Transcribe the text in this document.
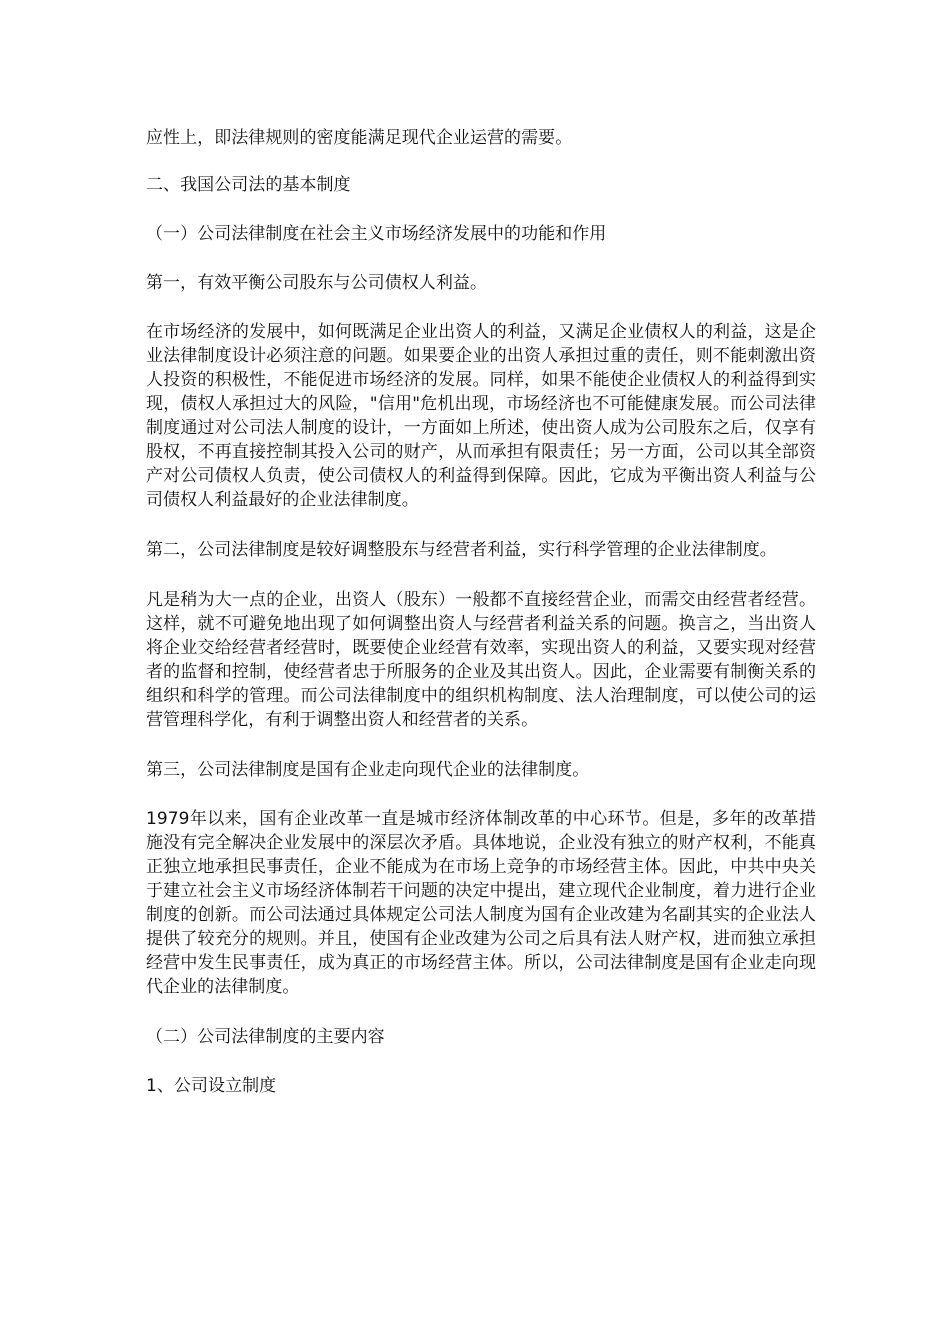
应性上，即法律规则的密度能满足现代企业运营的需要。

二、我国公司法的基本制度

（一）公司法律制度在社会主义市场经济发展中的功能和作用

第一，有效平衡公司股东与公司债权人利益。

在市场经济的发展中，如何既满足企业出资人的利益，又满足企业债权人的利益，这是企业法律制度设计必须注意的问题。如果要企业的出资人承担过重的责任，则不能刺激出资人投资的积极性，不能促进市场经济的发展。同样，如果不能使企业债权人的利益得到实现，债权人承担过大的风险，"信用"危机出现，市场经济也不可能健康发展。而公司法律制度通过对公司法人制度的设计，一方面如上所述，使出资人成为公司股东之后，仅享有股权，不再直接控制其投入公司的财产，从而承担有限责任；另一方面，公司以其全部资产对公司债权人负责，使公司债权人的利益得到保障。因此，它成为平衡出资人利益与公司债权人利益最好的企业法律制度。

第二，公司法律制度是较好调整股东与经营者利益，实行科学管理的企业法律制度。

凡是稍为大一点的企业，出资人（股东）一般都不直接经营企业，而需交由经营者经营。这样，就不可避免地出现了如何调整出资人与经营者利益关系的问题。换言之，当出资人将企业交给经营者经营时，既要使企业经营有效率，实现出资人的利益，又要实现对经营者的监督和控制，使经营者忠于所服务的企业及其出资人。因此，企业需要有制衡关系的组织和科学的管理。而公司法律制度中的组织机构制度、法人治理制度，可以使公司的运营管理科学化，有利于调整出资人和经营者的关系。

第三，公司法律制度是国有企业走向现代企业的法律制度。

1979年以来，国有企业改革一直是城市经济体制改革的中心环节。但是，多年的改革措施没有完全解决企业发展中的深层次矛盾。具体地说，企业没有独立的财产权利，不能真正独立地承担民事责任，企业不能成为在市场上竞争的市场经营主体。因此，中共中央关于建立社会主义市场经济体制若干问题的决定中提出，建立现代企业制度，着力进行企业制度的创新。而公司法通过具体规定公司法人制度为国有企业改建为名副其实的企业法人提供了较充分的规则。并且，使国有企业改建为公司之后具有法人财产权，进而独立承担经营中发生民事责任，成为真正的市场经营主体。所以，公司法律制度是国有企业走向现代企业的法律制度。

（二）公司法律制度的主要内容

1、公司设立制度
